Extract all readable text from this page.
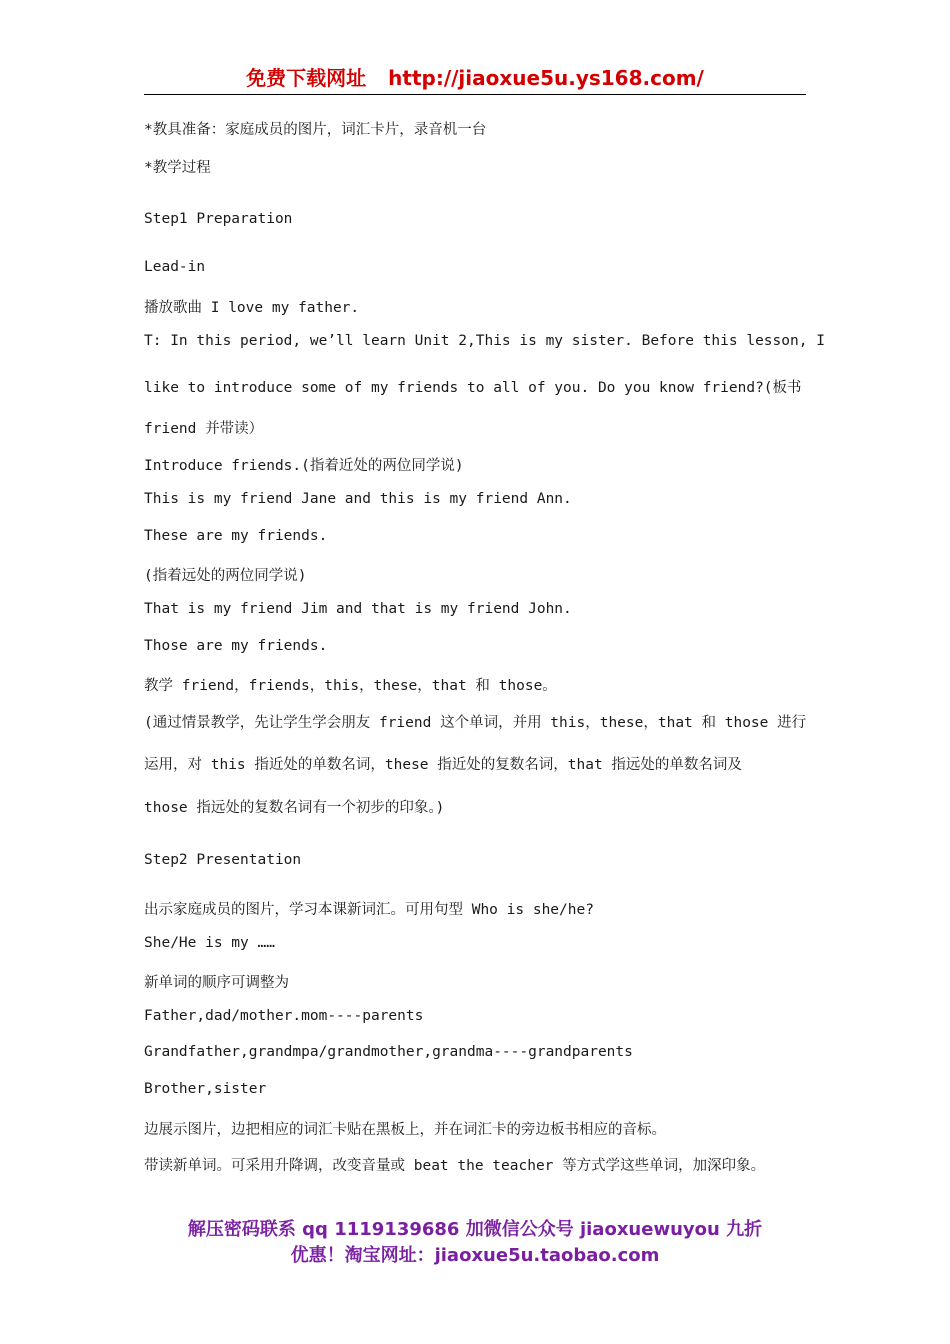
免费下载网址 http://jiaoxue5u.ys168.com/

*教具准备：家庭成员的图片，词汇卡片，录音机一台

*教学过程

Step1 Preparation

Lead-in

播放歌曲 I love my father.

T: In this period, we’ll learn Unit 2,This is my sister. Before this lesson, I

like to introduce some of my friends to all of you. Do you know friend?(板书

friend 并带读）

Introduce friends.(指着近处的两位同学说)

This is my friend Jane and this is my friend Ann.

These are my friends.

(指着远处的两位同学说)

That is my friend Jim and that is my friend John.

Those are my friends.

教学 friend，friends，this，these，that 和 those。

(通过情景教学，先让学生学会朋友 friend 这个单词，并用 this，these，that 和 those 进行

运用，对 this 指近处的单数名词，these 指近处的复数名词，that 指远处的单数名词及

those 指远处的复数名词有一个初步的印象。)

Step2 Presentation

出示家庭成员的图片，学习本课新词汇。可用句型 Who is she/he?

She/He is my ……

新单词的顺序可调整为

Father,dad/mother.mom----parents

Grandfather,grandmpa/grandmother,grandma----grandparents

Brother,sister

边展示图片，边把相应的词汇卡贴在黑板上，并在词汇卡的旁边板书相应的音标。

带读新单词。可采用升降调，改变音量或 beat the teacher 等方式学这些单词，加深印象。

解压密码联系 qq 1119139686 加微信公众号 jiaoxuewuyou 九折
优惠！淘宝网址：jiaoxue5u.taobao.com
